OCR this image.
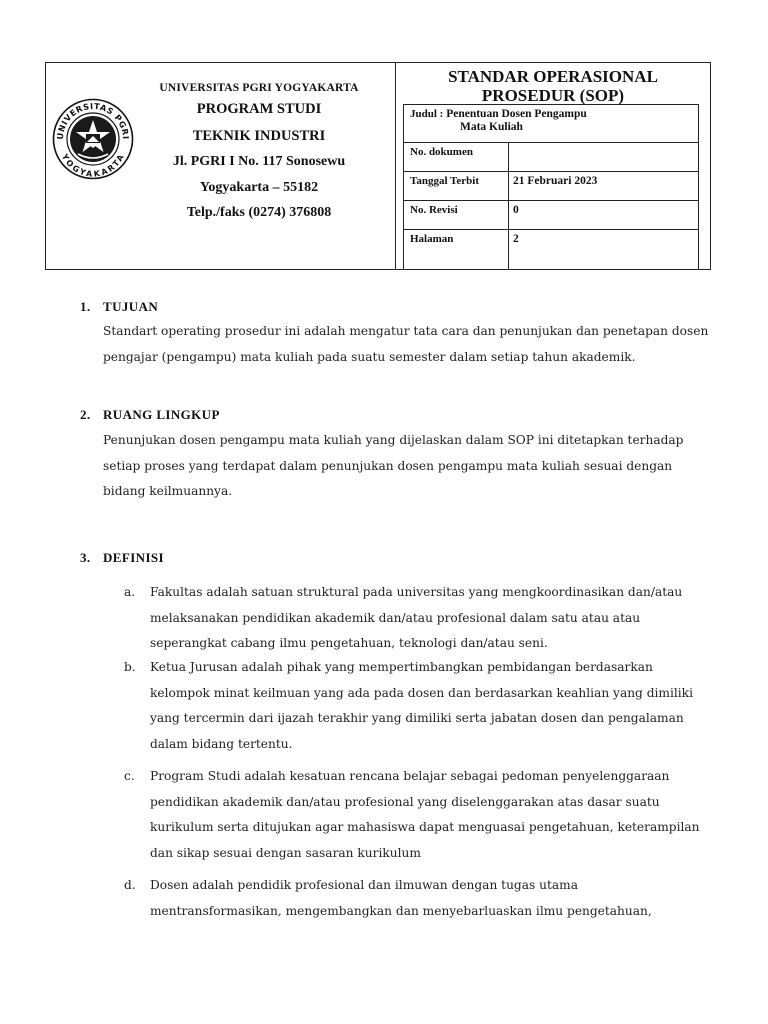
UNIVERSITAS PGRI
YOGYAKARTA
UNIVERSITAS PGRI YOGYAKARTA
PROGRAM STUDI
TEKNIK INDUSTRI
Jl. PGRI I No. 117 Sonosewu
Yogyakarta – 55182
Telp./faks (0274) 376808
STANDAR OPERASIONAL
PROSEDUR (SOP)
Judul : Penentuan Dosen Pengampu
Mata Kuliah
No. dokumen
Tanggal Terbit	21 Februari 2023
No. Revisi	0
Halaman	2
1. TUJUAN
Standart operating prosedur ini adalah mengatur tata cara dan penunjukan dan penetapan dosen
pengajar (pengampu) mata kuliah pada suatu semester dalam setiap tahun akademik.
2. RUANG LINGKUP
Penunjukan dosen pengampu mata kuliah yang dijelaskan dalam SOP ini ditetapkan terhadap
setiap proses yang terdapat dalam penunjukan dosen pengampu mata kuliah sesuai dengan
bidang keilmuannya.
3. DEFINISI
a.	Fakultas adalah satuan struktural pada universitas yang mengkoordinasikan dan/atau
melaksanakan pendidikan akademik dan/atau profesional dalam satu atau atau
seperangkat cabang ilmu pengetahuan, teknologi dan/atau seni.
b.	Ketua Jurusan adalah pihak yang mempertimbangkan pembidangan berdasarkan
kelompok minat keilmuan yang ada pada dosen dan berdasarkan keahlian yang dimiliki
yang tercermin dari ijazah terakhir yang dimiliki serta jabatan dosen dan pengalaman
dalam bidang tertentu.
c.	Program Studi adalah kesatuan rencana belajar sebagai pedoman penyelenggaraan
pendidikan akademik dan/atau profesional yang diselenggarakan atas dasar suatu
kurikulum serta ditujukan agar mahasiswa dapat menguasai pengetahuan, keterampilan
dan sikap sesuai dengan sasaran kurikulum
d.	Dosen adalah pendidik profesional dan ilmuwan dengan tugas utama
mentransformasikan, mengembangkan dan menyebarluaskan ilmu pengetahuan,
